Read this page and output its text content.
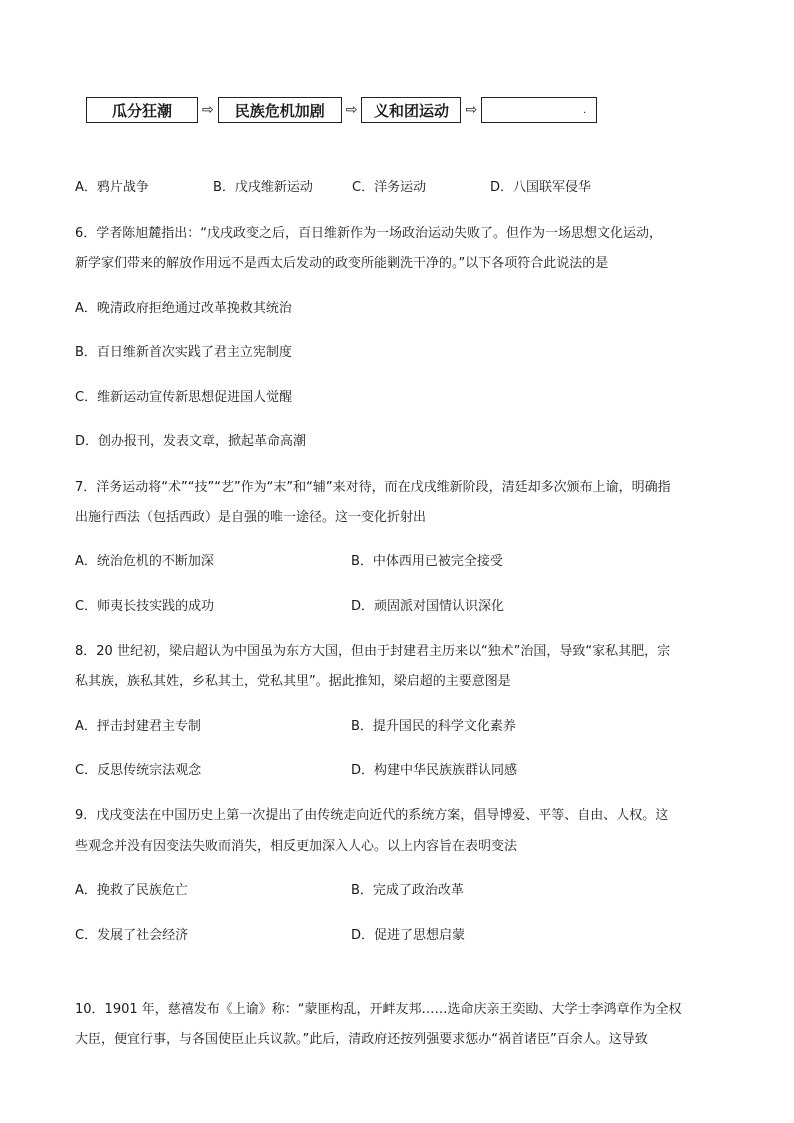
瓜分狂潮	⇨	民族危机加剧	⇨	义和团运动	⇨	.
A．鸦片战争	B．戊戌维新运动	C．洋务运动	D．八国联军侵华
6．学者陈旭麓指出：“戊戌政变之后，百日维新作为一场政治运动失败了。但作为一场思想文化运动，
新学家们带来的解放作用远不是西太后发动的政变所能剿洗干净的。”以下各项符合此说法的是
A．晚清政府拒绝通过改革挽救其统治
B．百日维新首次实践了君主立宪制度
C．维新运动宣传新思想促进国人觉醒
D．创办报刊，发表文章，掀起革命高潮
7．洋务运动将“术”“技”“艺”作为“末”和“辅”来对待，而在戊戌维新阶段，清廷却多次颁布上谕，明确指
出施行西法（包括西政）是自强的唯一途径。这一变化折射出
A．统治危机的不断加深	B．中体西用已被完全接受
C．师夷长技实践的成功	D．顽固派对国情认识深化
8．20 世纪初，梁启超认为中国虽为东方大国，但由于封建君主历来以“独术”治国，导致“家私其肥，宗
私其族，族私其姓，乡私其土，党私其里”。据此推知，梁启超的主要意图是
A．抨击封建君主专制	B．提升国民的科学文化素养
C．反思传统宗法观念	D．构建中华民族族群认同感
9．戊戌变法在中国历史上第一次提出了由传统走向近代的系统方案，倡导博爱、平等、自由、人权。这
些观念并没有因变法失败而消失，相反更加深入人心。以上内容旨在表明变法
A．挽救了民族危亡	B．完成了政治改革
C．发展了社会经济	D．促进了思想启蒙
10．1901 年，慈禧发布《上谕》称：“蒙匪构乱，开衅友邦……选命庆亲王奕劻、大学士李鸿章作为全权
大臣，便宜行事，与各国使臣止兵议款。”此后，清政府还按列强要求惩办“祸首诸臣”百余人。这导致
